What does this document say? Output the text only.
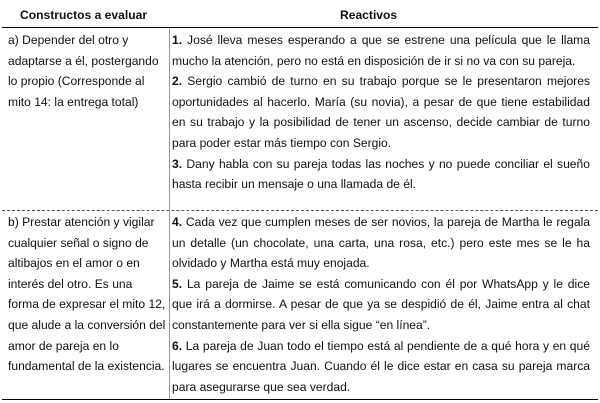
Constructos a evaluar	Reactivos

a) Depender del otro y adaptarse a él, postergando lo propio (Corresponde al mito 14: la entrega total)

1. José lleva meses esperando a que se estrene una película que le llama mucho la atención, pero no está en disposición de ir si no va con su pareja.

2. Sergio cambió de turno en su trabajo porque se le presentaron mejores oportunidades al hacerlo. María (su novia), a pesar de que tiene estabilidad en su trabajo y la posibilidad de tener un ascenso, decide cambiar de turno para poder estar más tiempo con Sergio.

3. Dany habla con su pareja todas las noches y no puede conciliar el sueño hasta recibir un mensaje o una llamada de él.

b) Prestar atención y vigilar cualquier señal o signo de altibajos en el amor o en interés del otro. Es una forma de expresar el mito 12, que alude a la conversión del amor de pareja en lo fundamental de la existencia.

4. Cada vez que cumplen meses de ser novios, la pareja de Martha le regala un detalle (un chocolate, una carta, una rosa, etc.) pero este mes se le ha olvidado y Martha está muy enojada.

5. La pareja de Jaime se está comunicando con él por WhatsApp y le dice que irá a dormirse. A pesar de que ya se despidió de él, Jaime entra al chat constantemente para ver si ella sigue “en línea”.

6. La pareja de Juan todo el tiempo está al pendiente de a qué hora y en qué lugares se encuentra Juan. Cuando él le dice estar en casa su pareja marca para asegurarse que sea verdad.
